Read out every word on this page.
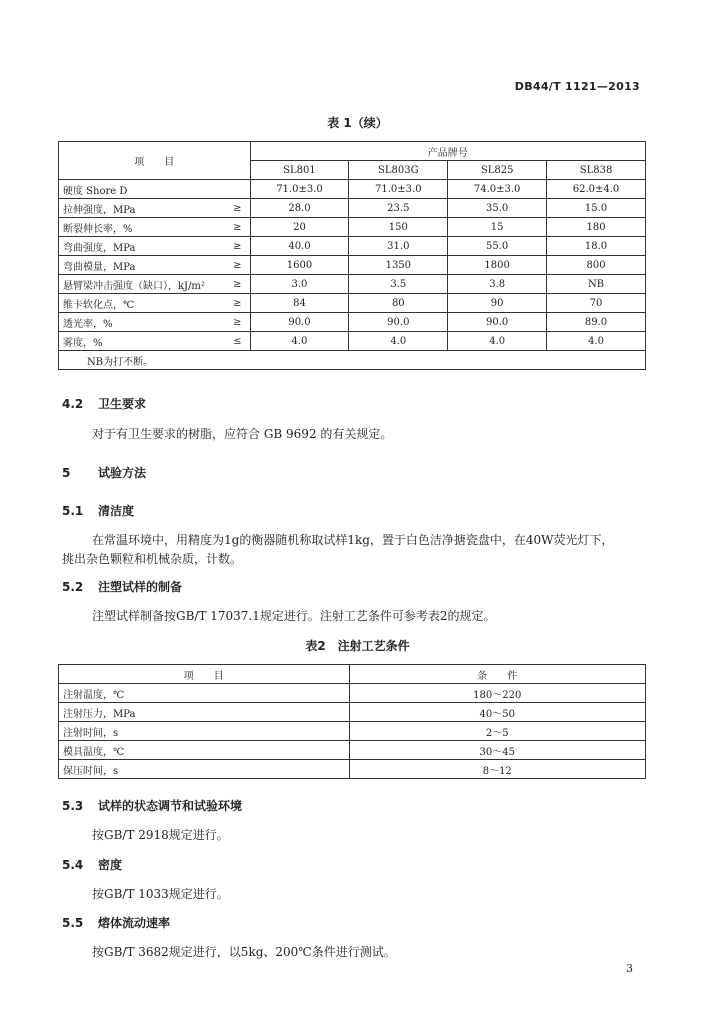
DB44/T 1121—2013
表 1（续）
项　　目		产品牌号			
		SL801	SL803G	SL825	SL838
硬度 Shore D		71.0±3.0	71.0±3.0	74.0±3.0	62.0±4.0
拉伸强度，MPa	≥	28.0	23.5	35.0	15.0
断裂伸长率，%	≥	20	150	15	180
弯曲强度，MPa	≥	40.0	31.0	55.0	18.0
弯曲模量，MPa	≥	1600	1350	1800	800
悬臂梁冲击强度（缺口），kJ/m²	≥	3.0	3.5	3.8	NB
维卡软化点，℃	≥	84	80	90	70
透光率，%	≥	90.0	90.0	90.0	89.0
雾度，%	≤	4.0	4.0	4.0	4.0
NB为打不断。					
4.2 卫生要求
对于有卫生要求的树脂，应符合 GB 9692 的有关规定。
5 试验方法
5.1 清洁度
在常温环境中，用精度为1g的衡器随机称取试样1kg，置于白色洁净搪瓷盘中，在40W荧光灯下，
挑出杂色颗粒和机械杂质，计数。
5.2 注塑试样的制备
注塑试样制备按GB/T 17037.1规定进行。注射工艺条件可参考表2的规定。
表2　注射工艺条件
项　　目	条　　件
注射温度，℃	180～220
注射压力，MPa	40～50
注射时间，s	2～5
模具温度，℃	30～45
保压时间，s	8～12
5.3 试样的状态调节和试验环境
按GB/T 2918规定进行。
5.4 密度
按GB/T 1033规定进行。
5.5 熔体流动速率
按GB/T 3682规定进行，以5kg、200℃条件进行测试。
3
